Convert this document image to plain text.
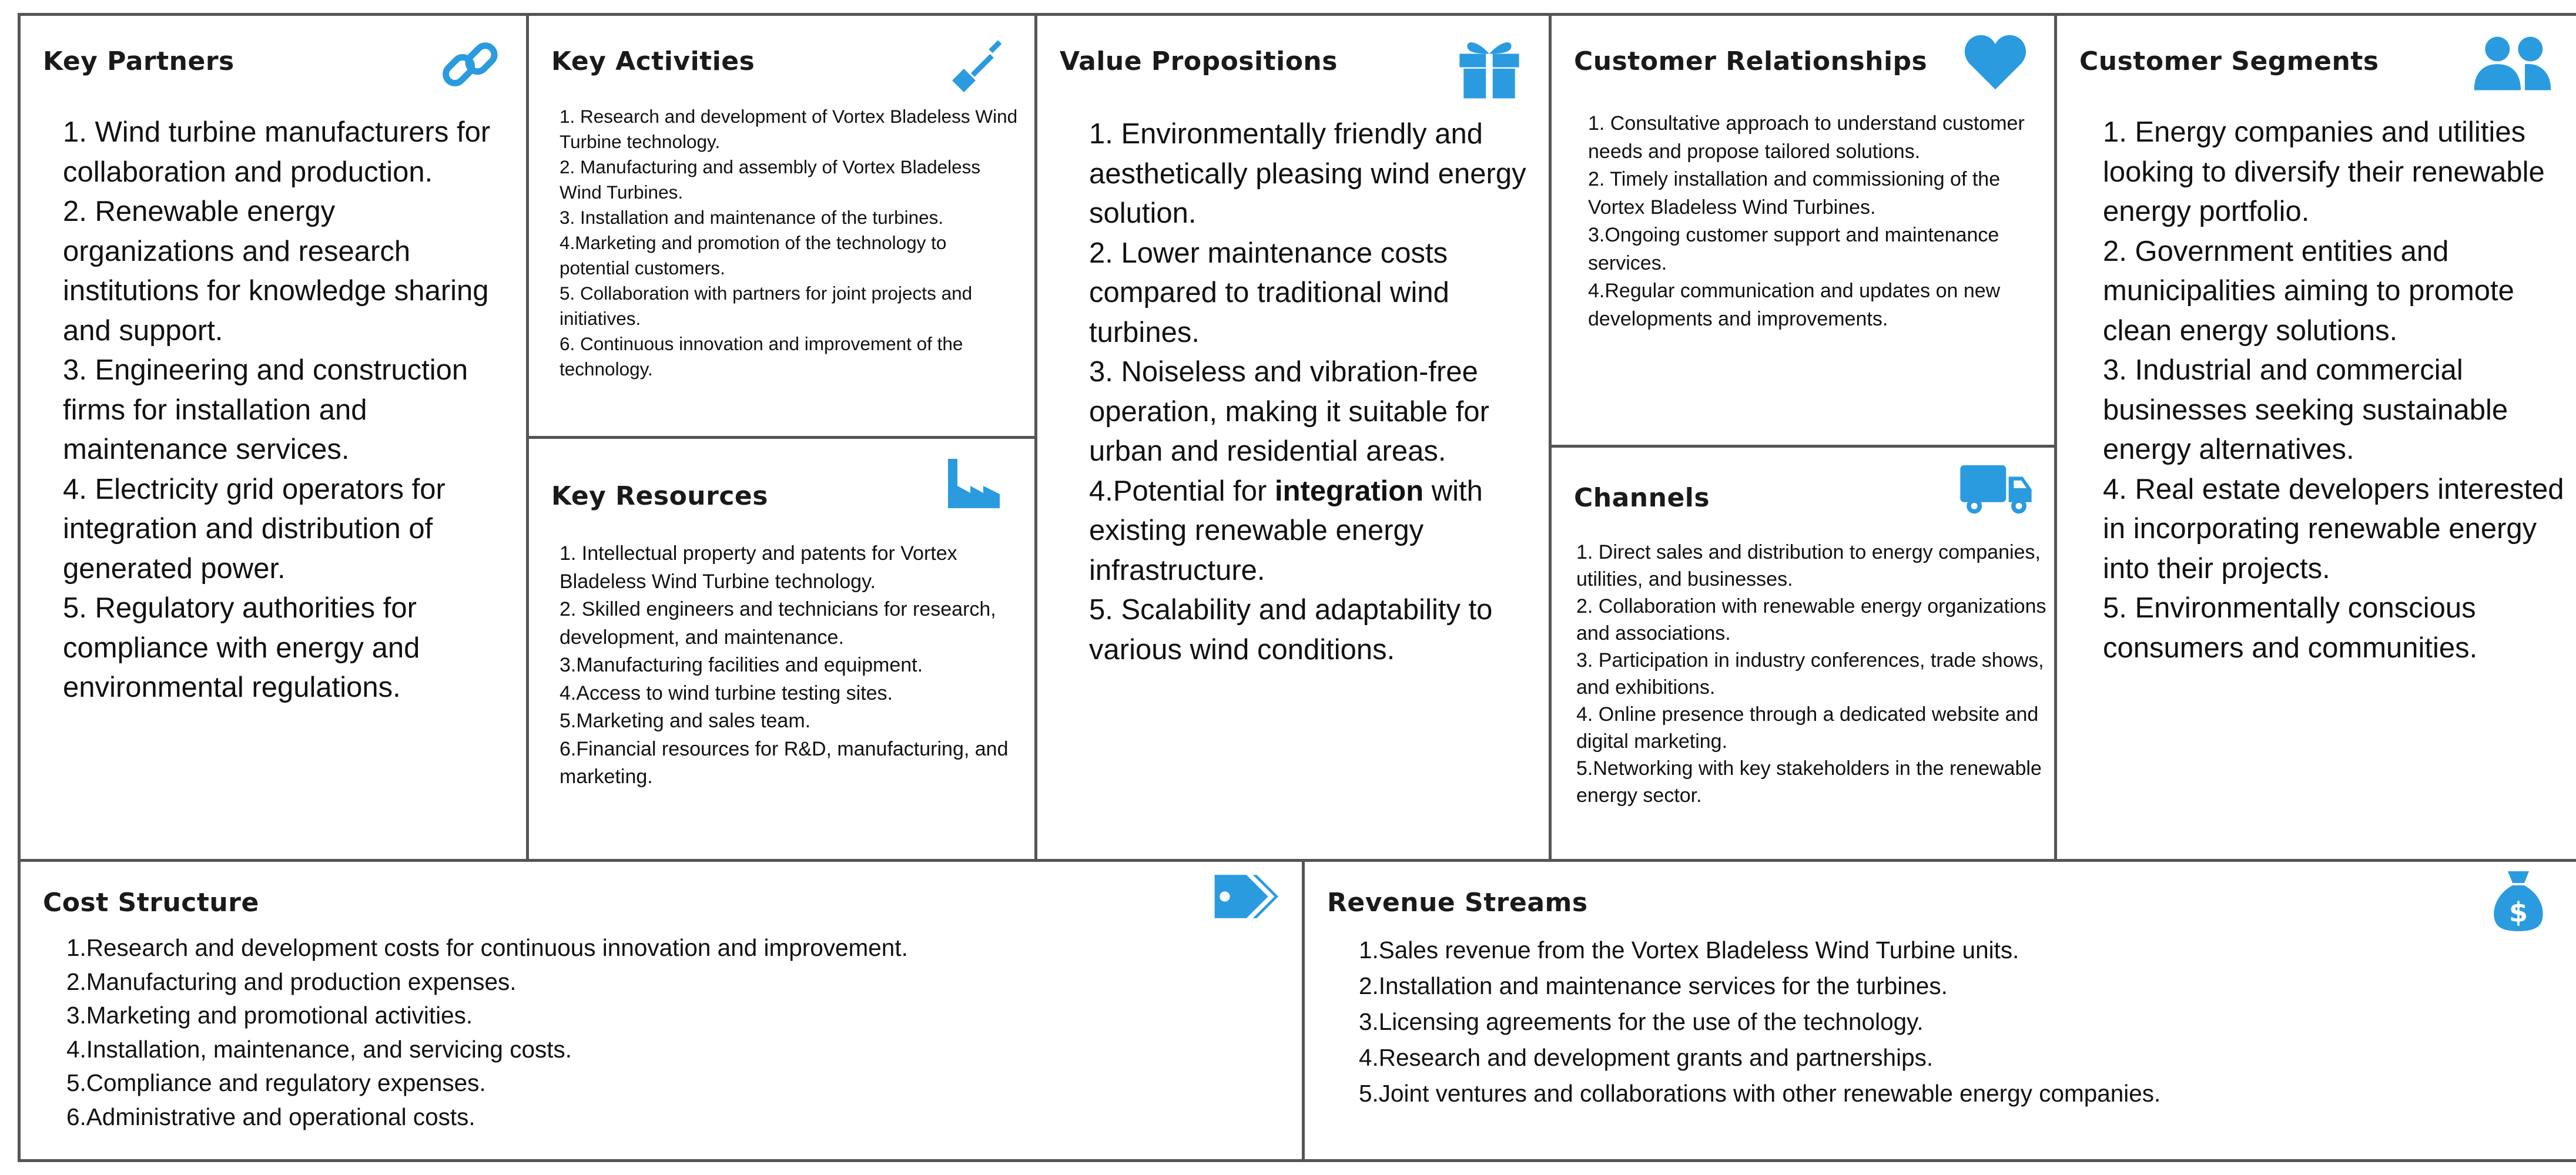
Key Partners
1. Wind turbine manufacturers for collaboration and production.
2. Renewable energy organizations and research institutions for knowledge sharing and support.
3. Engineering and construction firms for installation and maintenance services.
4. Electricity grid operators for integration and distribution of generated power.
5. Regulatory authorities for compliance with energy and environmental regulations.
Key Activities
1. Research and development of Vortex Bladeless Wind Turbine technology.
2. Manufacturing and assembly of Vortex Bladeless Wind Turbines.
3. Installation and maintenance of the turbines.
4.Marketing and promotion of the technology to potential customers.
5. Collaboration with partners for joint projects and initiatives.
6. Continuous innovation and improvement of the technology.
Key Resources
1. Intellectual property and patents for Vortex Bladeless Wind Turbine technology.
2. Skilled engineers and technicians for research, development, and maintenance.
3.Manufacturing facilities and equipment.
4.Access to wind turbine testing sites.
5.Marketing and sales team.
6.Financial resources for R&D, manufacturing, and marketing.
Value Propositions
1. Environmentally friendly and aesthetically pleasing wind energy solution.
2. Lower maintenance costs compared to traditional wind turbines.
3. Noiseless and vibration-free operation, making it suitable for urban and residential areas.
4.Potential for integration with existing renewable energy infrastructure.
5. Scalability and adaptability to various wind conditions.
Customer Relationships
1. Consultative approach to understand customer needs and propose tailored solutions.
2. Timely installation and commissioning of the Vortex Bladeless Wind Turbines.
3.Ongoing customer support and maintenance services.
4.Regular communication and updates on new developments and improvements.
Channels
1. Direct sales and distribution to energy companies, utilities, and businesses.
2. Collaboration with renewable energy organizations and associations.
3. Participation in industry conferences, trade shows, and exhibitions.
4. Online presence through a dedicated website and digital marketing.
5.Networking with key stakeholders in the renewable energy sector.
Customer Segments
1. Energy companies and utilities looking to diversify their renewable energy portfolio.
2. Government entities and municipalities aiming to promote clean energy solutions.
3. Industrial and commercial businesses seeking sustainable energy alternatives.
4. Real estate developers interested in incorporating renewable energy into their projects.
5. Environmentally conscious consumers and communities.
Cost Structure
1.Research and development costs for continuous innovation and improvement.
2.Manufacturing and production expenses.
3.Marketing and promotional activities.
4.Installation, maintenance, and servicing costs.
5.Compliance and regulatory expenses.
6.Administrative and operational costs.
Revenue Streams	$
1.Sales revenue from the Vortex Bladeless Wind Turbine units.
2.Installation and maintenance services for the turbines.
3.Licensing agreements for the use of the technology.
4.Research and development grants and partnerships.
5.Joint ventures and collaborations with other renewable energy companies.
